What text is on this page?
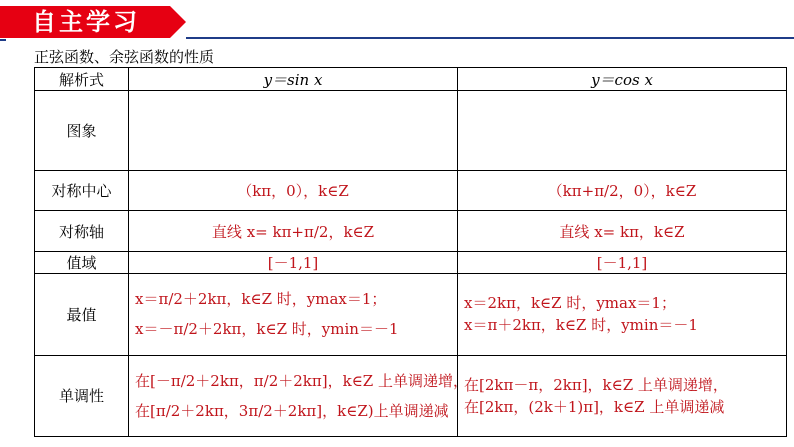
自主学习
正弦函数、余弦函数的性质
解析式	y＝sin x	y＝cos x
图象		
对称中心	（kπ，0），k∈Z	（kπ+π/2，0），k∈Z
对称轴	直线 x= kπ+π/2，k∈Z	直线 x= kπ，k∈Z
值域	[－1,1]	[－1,1]
最值	x＝π/2＋2kπ，k∈Z 时，ymax＝1；
x＝－π/2＋2kπ，k∈Z 时，ymin＝－1	x＝2kπ，k∈Z 时，ymax＝1；
x＝π＋2kπ，k∈Z 时，ymin＝－1

单调性	在[－π/2＋2kπ，π/2＋2kπ]，k∈Z 上单调递增，
在[π/2＋2kπ，3π/2＋2kπ]，k∈Z)上单调递减	在[2kπ－π，2kπ]，k∈Z 上单调递增，
在[2kπ，(2k＋1)π]，k∈Z 上单调递减
